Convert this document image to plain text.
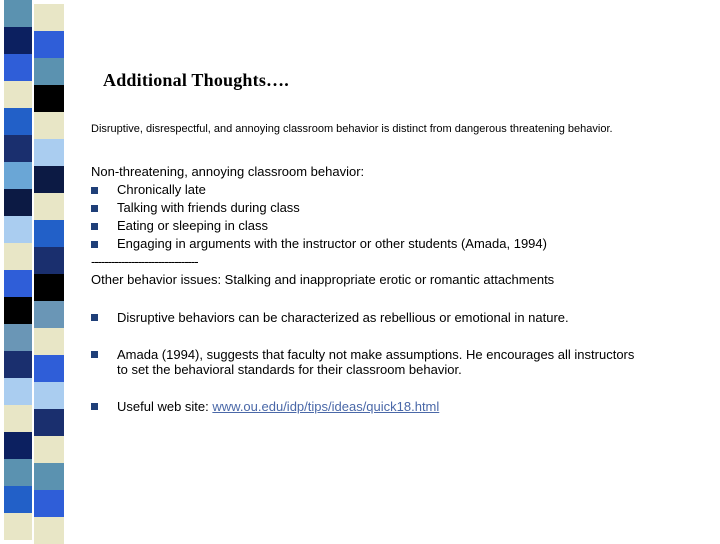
Additional Thoughts….
Disruptive, disrespectful, and annoying classroom behavior is distinct from dangerous threatening behavior.
Non-threatening, annoying classroom behavior:
Chronically late
Talking with friends during class
Eating or sleeping in class
Engaging in arguments with the instructor or other students (Amada, 1994)
--------------------------------
Other behavior issues: Stalking and inappropriate erotic or romantic attachments
Disruptive behaviors can be characterized as rebellious or emotional in nature.
Amada (1994), suggests that faculty not make assumptions. He encourages all instructors
to set the behavioral standards for their classroom behavior.
Useful web site: www.ou.edu/idp/tips/ideas/quick18.html
